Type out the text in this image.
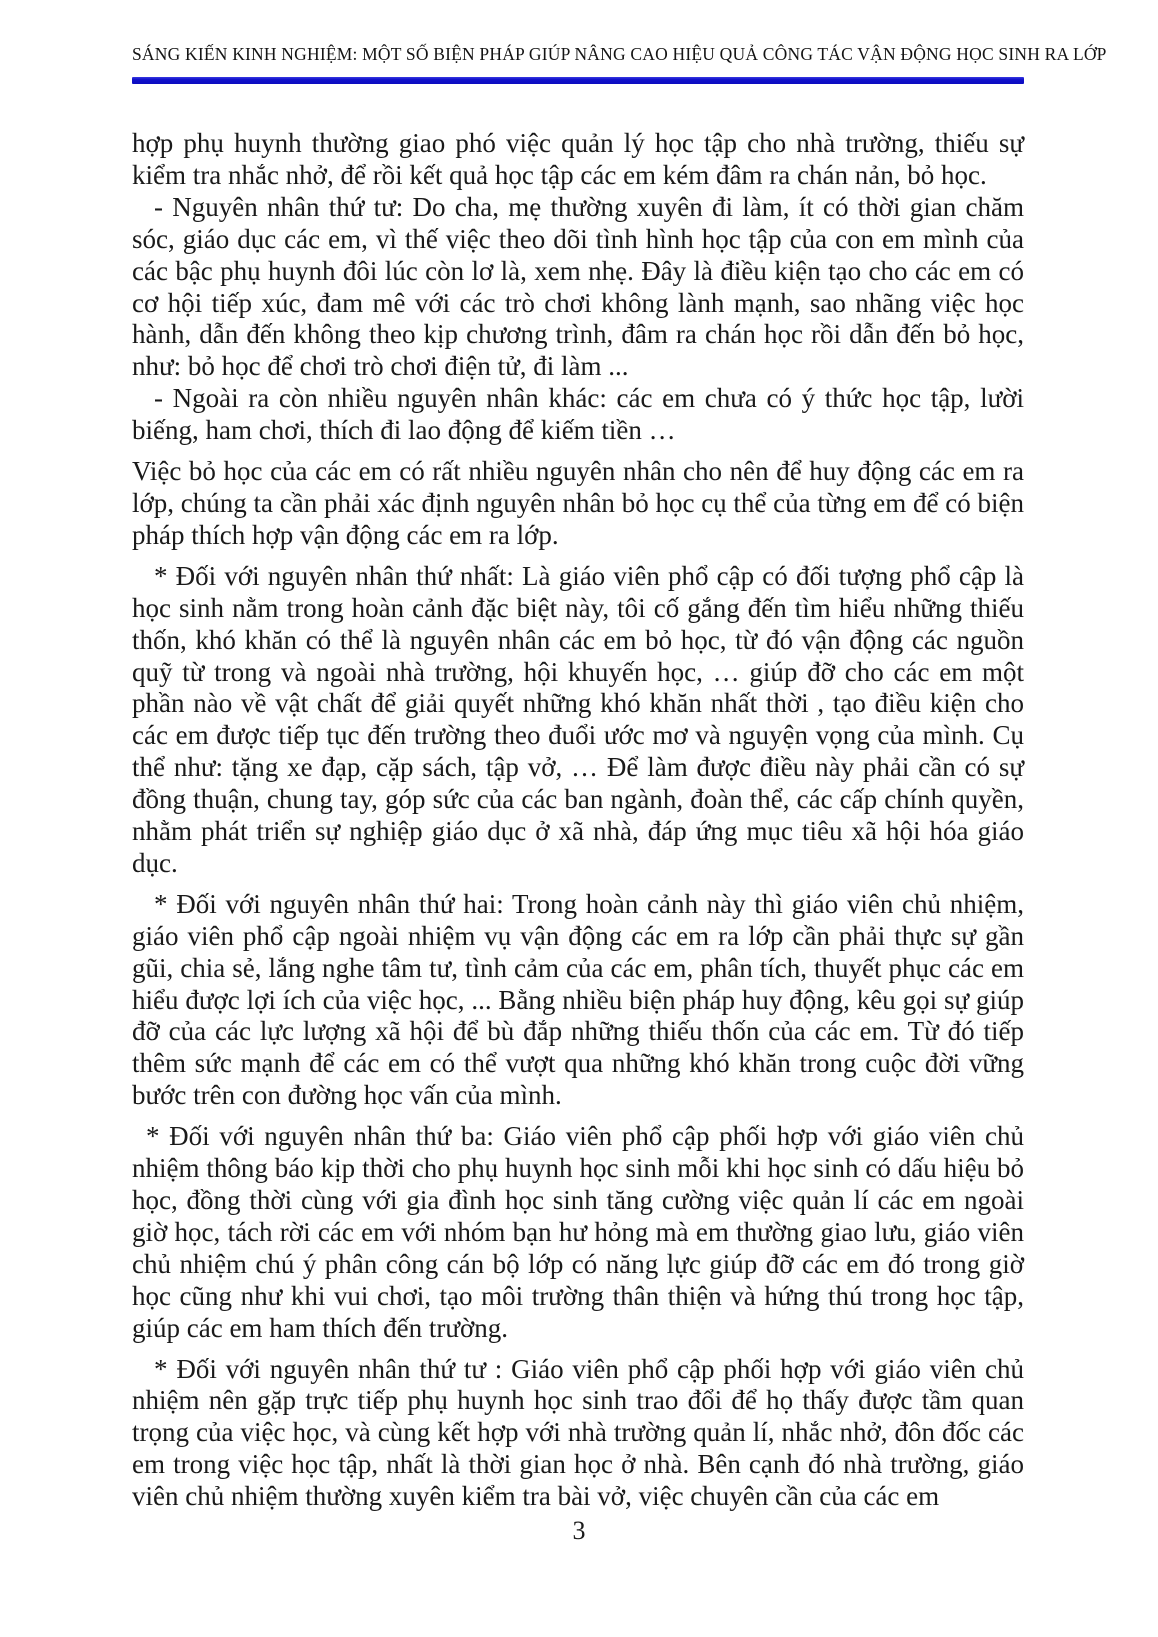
SÁNG KIẾN KINH NGHIỆM: MỘT SỐ BIỆN PHÁP GIÚP NÂNG CAO HIỆU QUẢ CÔNG TÁC VẬN ĐỘNG HỌC SINH RA LỚP

hợp phụ huynh thường giao phó việc quản lý học tập cho nhà trường, thiếu sự kiểm tra nhắc nhở, để rồi kết quả học tập các em kém đâm ra chán nản, bỏ học.

- Nguyên nhân thứ tư: Do cha, mẹ thường xuyên đi làm, ít có thời gian chăm sóc, giáo dục các em, vì thế việc theo dõi tình hình học tập của con em mình của các bậc phụ huynh đôi lúc còn lơ là, xem nhẹ. Đây là điều kiện tạo cho các em có cơ hội tiếp xúc, đam mê với các trò chơi không lành mạnh, sao nhãng việc học hành, dẫn đến không theo kịp chương trình, đâm ra chán học rồi dẫn đến bỏ học, như: bỏ học để chơi trò chơi điện tử, đi làm ...

- Ngoài ra còn nhiều nguyên nhân khác: các em chưa có ý thức học tập, lười biếng, ham chơi, thích đi lao động để kiếm tiền …

Việc bỏ học của các em có rất nhiều nguyên nhân cho nên để huy động các em ra lớp, chúng ta cần phải xác định nguyên nhân bỏ học cụ thể của từng em để có biện pháp thích hợp vận động các em ra lớp.

* Đối với nguyên nhân thứ nhất: Là giáo viên phổ cập có đối tượng phổ cập là học sinh nằm trong hoàn cảnh đặc biệt này, tôi cố gắng đến tìm hiểu những thiếu thốn, khó khăn có thể là nguyên nhân các em bỏ học, từ đó vận động các nguồn quỹ từ trong và ngoài nhà trường, hội khuyến học, … giúp đỡ cho các em một phần nào về vật chất để giải quyết những khó khăn nhất thời , tạo điều kiện cho các em được tiếp tục đến trường theo đuổi ước mơ và nguyện vọng của mình. Cụ thể như: tặng xe đạp, cặp sách, tập vở, … Để làm được điều này phải cần có sự đồng thuận, chung tay, góp sức của các ban ngành, đoàn thể, các cấp chính quyền, nhằm phát triển sự nghiệp giáo dục ở xã nhà, đáp ứng mục tiêu xã hội hóa giáo dục.

* Đối với nguyên nhân thứ hai: Trong hoàn cảnh này thì giáo viên chủ nhiệm, giáo viên phổ cập ngoài nhiệm vụ vận động các em ra lớp cần phải thực sự gần gũi, chia sẻ, lắng nghe tâm tư, tình cảm của các em, phân tích, thuyết phục các em hiểu được lợi ích của việc học, ... Bằng nhiều biện pháp huy động, kêu gọi sự giúp đỡ của các lực lượng xã hội để bù đắp những thiếu thốn của các em. Từ đó tiếp thêm sức mạnh để các em có thể vượt qua những khó khăn trong cuộc đời vững bước trên con đường học vấn của mình.

* Đối với nguyên nhân thứ ba: Giáo viên phổ cập phối hợp với giáo viên chủ nhiệm thông báo kịp thời cho phụ huynh học sinh mỗi khi học sinh có dấu hiệu bỏ học, đồng thời cùng với gia đình học sinh tăng cường việc quản lí các em ngoài giờ học, tách rời các em với nhóm bạn hư hỏng mà em thường giao lưu, giáo viên chủ nhiệm chú ý phân công cán bộ lớp có năng lực giúp đỡ các em đó trong giờ học cũng như khi vui chơi, tạo môi trường thân thiện và hứng thú trong học tập, giúp các em ham thích đến trường.

* Đối với nguyên nhân thứ tư : Giáo viên phổ cập phối hợp với giáo viên chủ nhiệm nên gặp trực tiếp phụ huynh học sinh trao đổi để họ thấy được tầm quan trọng của việc học, và cùng kết hợp với nhà trường quản lí, nhắc nhở, đôn đốc các em trong việc học tập, nhất là thời gian học ở nhà. Bên cạnh đó nhà trường, giáo viên chủ nhiệm thường xuyên kiểm tra bài vở, việc chuyên cần của các em

3
